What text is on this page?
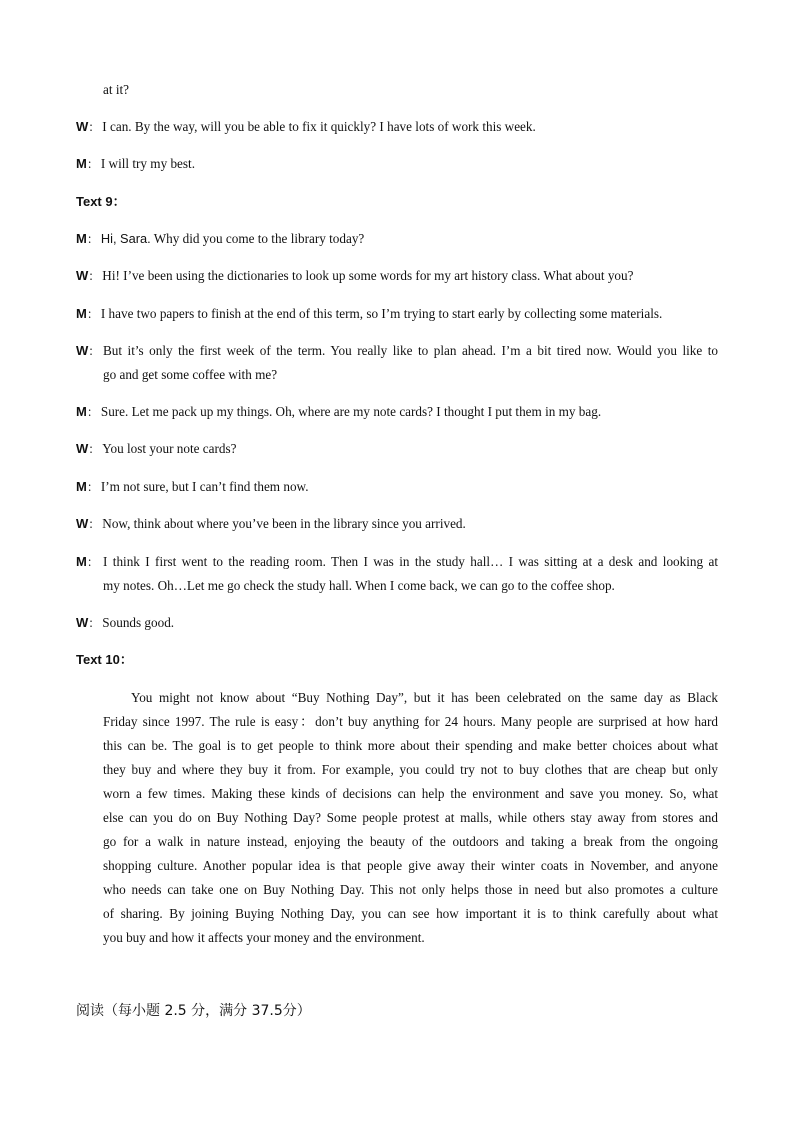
at it?
W： I can. By the way, will you be able to fix it quickly? I have lots of work this week.
M： I will try my best.
Text 9：
M： Hi, Sara. Why did you come to the library today?
W： Hi! I’ve been using the dictionaries to look up some words for my art history class. What about you?
M： I have two papers to finish at the end of this term, so I’m trying to start early by collecting some materials.
W： But it’s only the first week of the term. You really like to plan ahead. I’m a bit tired now. Would you like to
go and get some coffee with me?
M： Sure. Let me pack up my things. Oh, where are my note cards? I thought I put them in my bag.
W： You lost your note cards?
M： I’m not sure, but I can’t find them now.
W： Now, think about where you’ve been in the library since you arrived.
M： I think I first went to the reading room. Then I was in the study hall… I was sitting at a desk and looking at
my notes. Oh…Let me go check the study hall. When I come back, we can go to the coffee shop.
W： Sounds good.
Text 10：
You might not know about “Buy Nothing Day”, but it has been celebrated on the same day as Black
Friday since 1997. The rule is easy：don’t buy anything for 24 hours. Many people are surprised at how hard
this can be. The goal is to get people to think more about their spending and make better choices about what
they buy and where they buy it from. For example, you could try not to buy clothes that are cheap but only
worn a few times. Making these kinds of decisions can help the environment and save you money. So, what
else can you do on Buy Nothing Day? Some people protest at malls, while others stay away from stores and
go for a walk in nature instead, enjoying the beauty of the outdoors and taking a break from the ongoing
shopping culture. Another popular idea is that people give away their winter coats in November, and anyone
who needs can take one on Buy Nothing Day. This not only helps those in need but also promotes a culture
of sharing. By joining Buying Nothing Day, you can see how important it is to think carefully about what
you buy and how it affects your money and the environment.
阅读（每小题 2.5 分，满分 37.5分）
